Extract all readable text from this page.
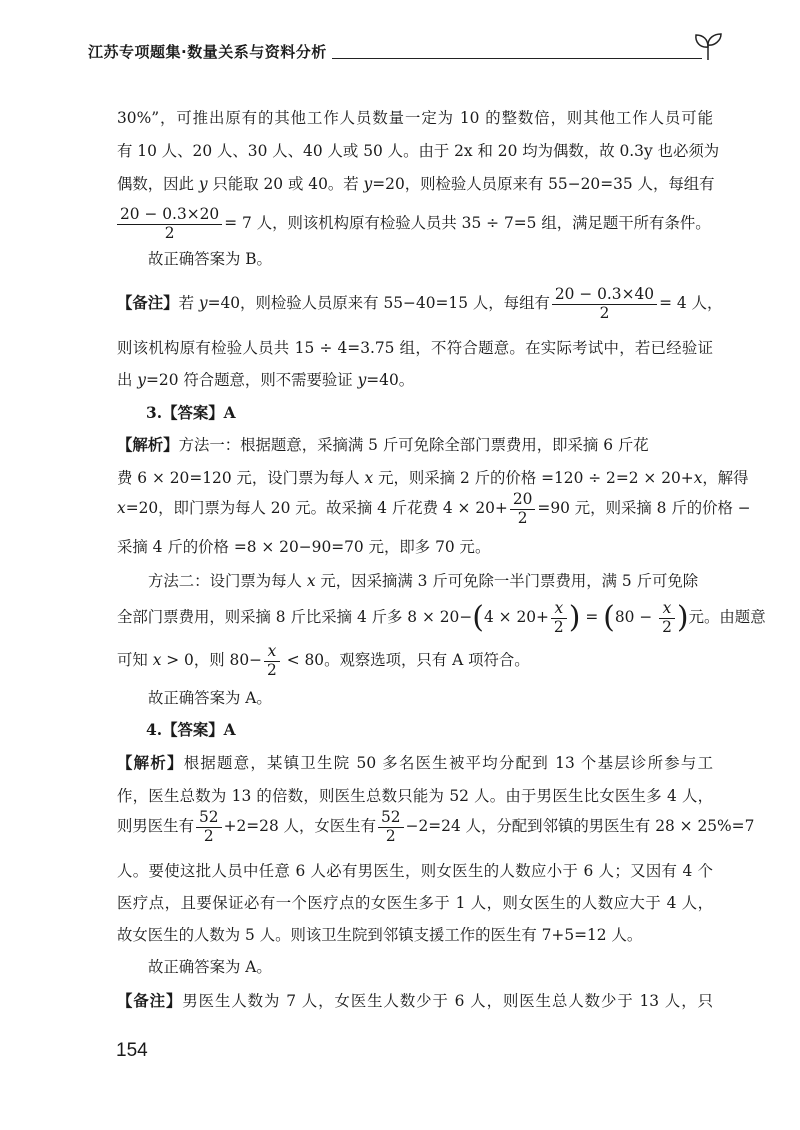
江苏专项题集·数量关系与资料分析
30%”，可推出原有的其他工作人员数量一定为 10 的整数倍，则其他工作人员可能
有 10 人、20 人、30 人、40 人或 50 人。由于 2x 和 20 均为偶数，故 0.3y 也必须为
偶数，因此 y 只能取 20 或 40。若 y=20，则检验人员原来有 55−20=35 人，每组有
$\frac{20 - 0.3\times 20}{2} = 7$ 人，则该机构原有检验人员共 35 ÷ 7=5 组，满足题干所有条件。
故正确答案为 B。
【备注】若 y=40，则检验人员原来有 55−40=15 人，每组有 $\frac{20 - 0.3\times 40}{2} = 4$ 人，
则该机构原有检验人员共 15 ÷ 4=3.75 组，不符合题意。在实际考试中，若已经验证
出 y=20 符合题意，则不需要验证 y=40。
3.【答案】A
【解析】方法一：根据题意，采摘满 5 斤可免除全部门票费用，即采摘 6 斤花
费 6 × 20=120 元，设门票为每人 x 元，则采摘 2 斤的价格 =120 ÷ 2=2 × 20+x，解得
x=20，即门票为每人 20 元。故采摘 4 斤花费 $4 \times 20+ \frac{20}{2} =90$ 元，则采摘 8 斤的价格 −
采摘 4 斤的价格 =8 × 20−90=70 元，即多 70 元。
方法二：设门票为每人 x 元，因采摘满 3 斤可免除一半门票费用，满 5 斤可免除
全部门票费用，则采摘 8 斤比采摘 4 斤多 $8 \times 20-(4 \times 20+ \frac{x}{2}$ ) = ($80 - \frac{x}{2}$ )元。由题意
可知 x > 0，则 $80- \frac{x}{2} < 80$。观察选项，只有 A 项符合。
故正确答案为 A。
4.【答案】A
【解析】根据题意，某镇卫生院 50 多名医生被平均分配到 13 个基层诊所参与工
作，医生总数为 13 的倍数，则医生总数只能为 52 人。由于男医生比女医生多 4 人，
则男医生有 $\frac{52}{2} +2=28$ 人，女医生有 $\frac{52}{2} -2=24$ 人，分配到邻镇的男医生有 28 × 25%=7
人。要使这批人员中任意 6 人必有男医生，则女医生的人数应小于 6 人；又因有 4 个
医疗点，且要保证必有一个医疗点的女医生多于 1 人，则女医生的人数应大于 4 人，
故女医生的人数为 5 人。则该卫生院到邻镇支援工作的医生有 7+5=12 人。
故正确答案为 A。
【备注】男医生人数为 7 人，女医生人数少于 6 人，则医生总人数少于 13 人，只
154
